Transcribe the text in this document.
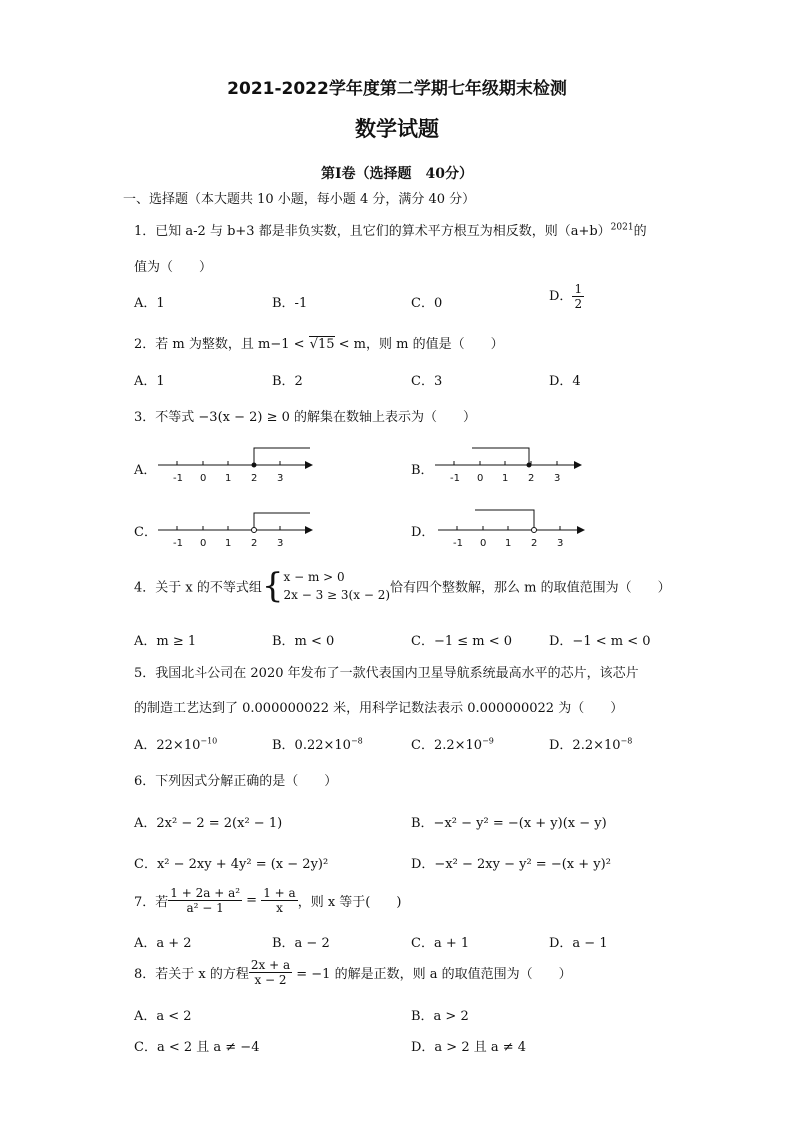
2021-2022学年度第二学期七年级期末检测
数学试题
第Ⅰ卷（选择题　40分）
一、选择题（本大题共 10 小题，每小题 4 分，满分 40 分）
1．已知 a-2 与 b+3 都是非负实数，且它们的算术平方根互为相反数，则$(a+b)^{2021}$的
值为（　　）
A．1	B．-1	C．0	D． $\frac{1}{2}$
2．若 m 为整数，且 m−1 < √15 < m，则 m 的值是（　　）
A．1	B．2	C．3	D．4
3．不等式 −3(x − 2) ≥ 0 的解集在数轴上表示为（　　）
A．
-1 0 1 2 3
B．
-1 0 1 2 3
C．
-1 0 1 2 3
D．
-1 0 1 2 3
4．关于 x 的不等式组{ x − m > 0
2x − 3 ≥ 3(x − 2) 恰有四个整数解，那么 m 的取值范围为（　　）
A．m ≥ 1	B．m < 0	C．−1 ≤ m < 0	D．−1 < m < 0
5．我国北斗公司在 2020 年发布了一款代表国内卫星导航系统最高水平的芯片，该芯片
的制造工艺达到了 0.000000022 米，用科学记数法表示 0.000000022 为（　　）
A．$22\times 10^{-10}$	B．$0.22\times 10^{-8}$	C．$2.2\times 10^{-9}$	D．$2.2\times 10^{-8}$
6．下列因式分解正确的是（　　）
A．2x² − 2 = 2(x² − 1)	B．−x² − y² = −(x + y)(x − y)
C．x² − 2xy + 4y² = (x − 2y)²	D．−x² − 2xy − y² = −(x + y)²
7．若 $\frac{\text{1 + 2a + a²}}{\text{a² − 1}} = \frac{1 + a}{x}$ ，则 x 等于(　　)
A．a + 2	B．a − 2	C．a + 1	D．a − 1
8．若关于 x 的方程 $\frac{2x + a}{x - 2} = -1$ 的解是正数，则 a 的取值范围为（　　）
A．a < 2	B．a > 2
C．a < 2 且 a ≠ −4	D．a > 2 且 a ≠ 4
